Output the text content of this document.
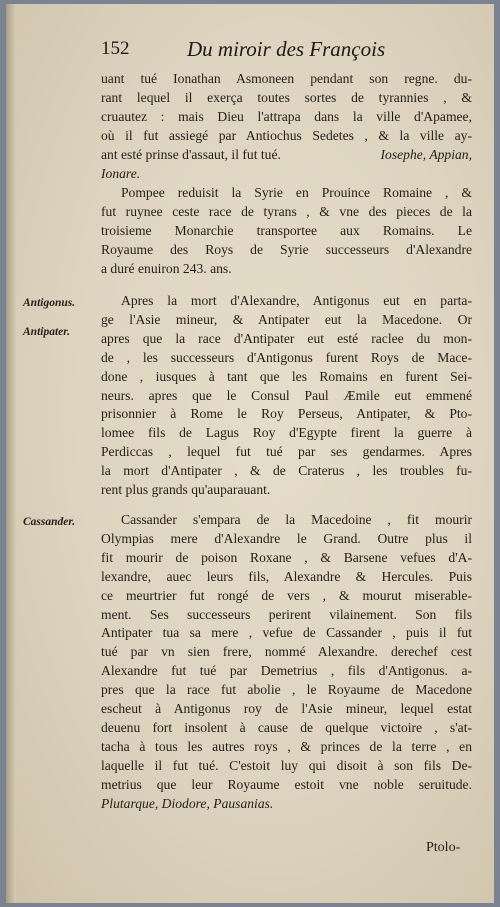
152	Du miroir des François
uant tué Ionathan Asmoneen pendant son regne. du-
rant lequel il exerça toutes sortes de tyrannies , &
cruautez : mais Dieu l'attrapa dans la ville d'Apamee,
où il fut assiegé par Antiochus Sedetes , & la ville ay-
ant esté prinse d'assaut, il fut tué.	Iosephe, Appian,
Ionare.
Pompee reduisit la Syrie en Prouince Romaine , &
fut ruynee ceste race de tyrans , & vne des pieces de la
troisieme Monarchie transportee aux Romains. Le
Royaume des Roys de Syrie successeurs d'Alexandre
a duré enuiron 243. ans.
Antigonus.
Antipater.
Apres la mort d'Alexandre, Antigonus eut en parta-
ge l'Asie mineur, & Antipater eut la Macedone. Or
apres que la race d'Antipater eut esté raclee du mon-
de , les successeurs d'Antigonus furent Roys de Mace-
done , iusques à tant que les Romains en furent Sei-
neurs. apres que le Consul Paul Æmile eut emmené
prisonnier à Rome le Roy Perseus, Antipater, & Pto-
lomee fils de Lagus Roy d'Egypte firent la guerre à
Perdiccas , lequel fut tué par ses gendarmes. Apres
la mort d'Antipater , & de Craterus , les troubles fu-
rent plus grands qu'auparauant.
Cassander.	Cassander s'empara de la Macedoine , fit mourir
Olympias mere d'Alexandre le Grand. Outre plus il
fit mourir de poison Roxane , & Barsene vefues d'A-
lexandre, auec leurs fils, Alexandre & Hercules. Puis
ce meurtrier fut rongé de vers , & mourut miserable-
ment. Ses successeurs perirent vilainement. Son fils
Antipater tua sa mere , vefue de Cassander , puis il fut
tué par vn sien frere, nommé Alexandre. derechef cest
Alexandre fut tué par Demetrius , fils d'Antigonus. a-
pres que la race fut abolie , le Royaume de Macedone
escheut à Antigonus roy de l'Asie mineur, lequel estat
deuenu fort insolent à cause de quelque victoire , s'at-
tacha à tous les autres roys , & princes de la terre , en
laquelle il fut tué. C'estoit luy qui disoit à son fils De-
metrius que leur Royaume estoit vne noble seruitude.
Plutarque, Diodore, Pausanias.
Ptolo-
